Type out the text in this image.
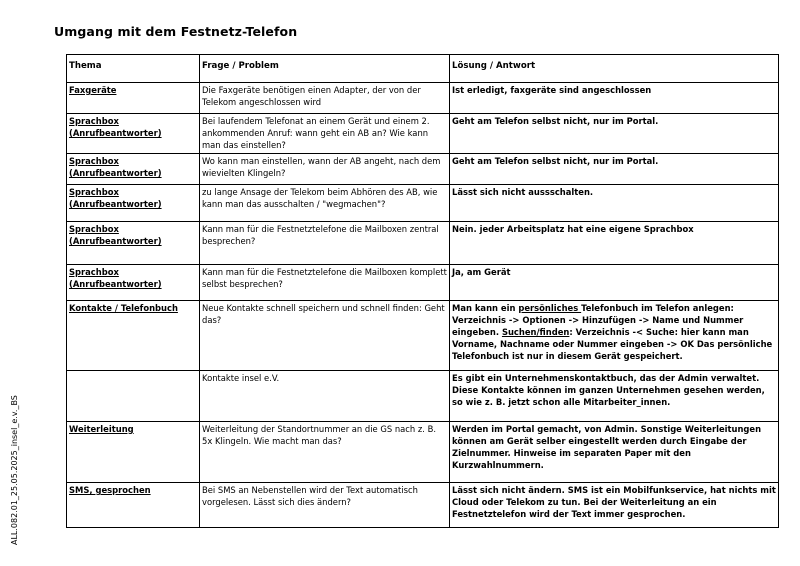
Umgang mit dem Festnetz-Telefon
ALL.082.01_25.05.2025_insel_e.v._BS
Thema	Frage / Problem	Lösung / Antwort
Faxgeräte	Die Faxgeräte benötigen einen Adapter, der von der Telekom angeschlossen wird	Ist erledigt, faxgeräte sind angeschlossen
Sprachbox (Anrufbeantworter)	Bei laufendem Telefonat an einem Gerät und einem 2. ankommenden Anruf: wann geht ein AB an? Wie kann man das einstellen?	Geht am Telefon selbst nicht, nur im Portal.
Sprachbox (Anrufbeantworter)	Wo kann man einstellen, wann der AB angeht, nach dem wievielten Klingeln?	Geht am Telefon selbst nicht, nur im Portal.
Sprachbox (Anrufbeantworter)	zu lange Ansage der Telekom beim Abhören des AB, wie kann man das ausschalten / "wegmachen"?	Lässt sich nicht aussschalten.
Sprachbox (Anrufbeantworter)	Kann man für die Festnetztelefone die Mailboxen zentral besprechen?	Nein. jeder Arbeitsplatz hat eine eigene Sprachbox
Sprachbox (Anrufbeantworter)	Kann man für die Festnetztelefone die Mailboxen komplett selbst besprechen?	Ja, am Gerät
Kontakte / Telefonbuch	Neue Kontakte schnell speichern und schnell finden: Geht das?	Man kann ein persönliches Telefonbuch im Telefon anlegen: Verzeichnis -> Optionen -> Hinzufügen -> Name und Nummer eingeben. Suchen/finden: Verzeichnis -< Suche: hier kann man Vorname, Nachname oder Nummer eingeben -> OK Das persönliche Telefonbuch ist nur in diesem Gerät gespeichert.
	Kontakte insel e.V.	Es gibt ein Unternehmenskontaktbuch, das der Admin verwaltet. Diese Kontakte können im ganzen Unternehmen gesehen werden, so wie z. B. jetzt schon alle Mitarbeiter_innen.
Weiterleitung	Weiterleitung der Standortnummer an die GS nach z. B. 5x Klingeln. Wie macht man das?	Werden im Portal gemacht, von Admin. Sonstige Weiterleitungen können am Gerät selber eingestellt werden durch Eingabe der Zielnummer. Hinweise im separaten Paper mit den Kurzwahlnummern.
SMS, gesprochen	Bei SMS an Nebenstellen wird der Text automatisch vorgelesen. Lässt sich dies ändern?	Lässt sich nicht ändern. SMS ist ein Mobilfunkservice, hat nichts mit Cloud oder Telekom zu tun. Bei der Weiterleitung an ein Festnetztelefon wird der Text immer gesprochen.
